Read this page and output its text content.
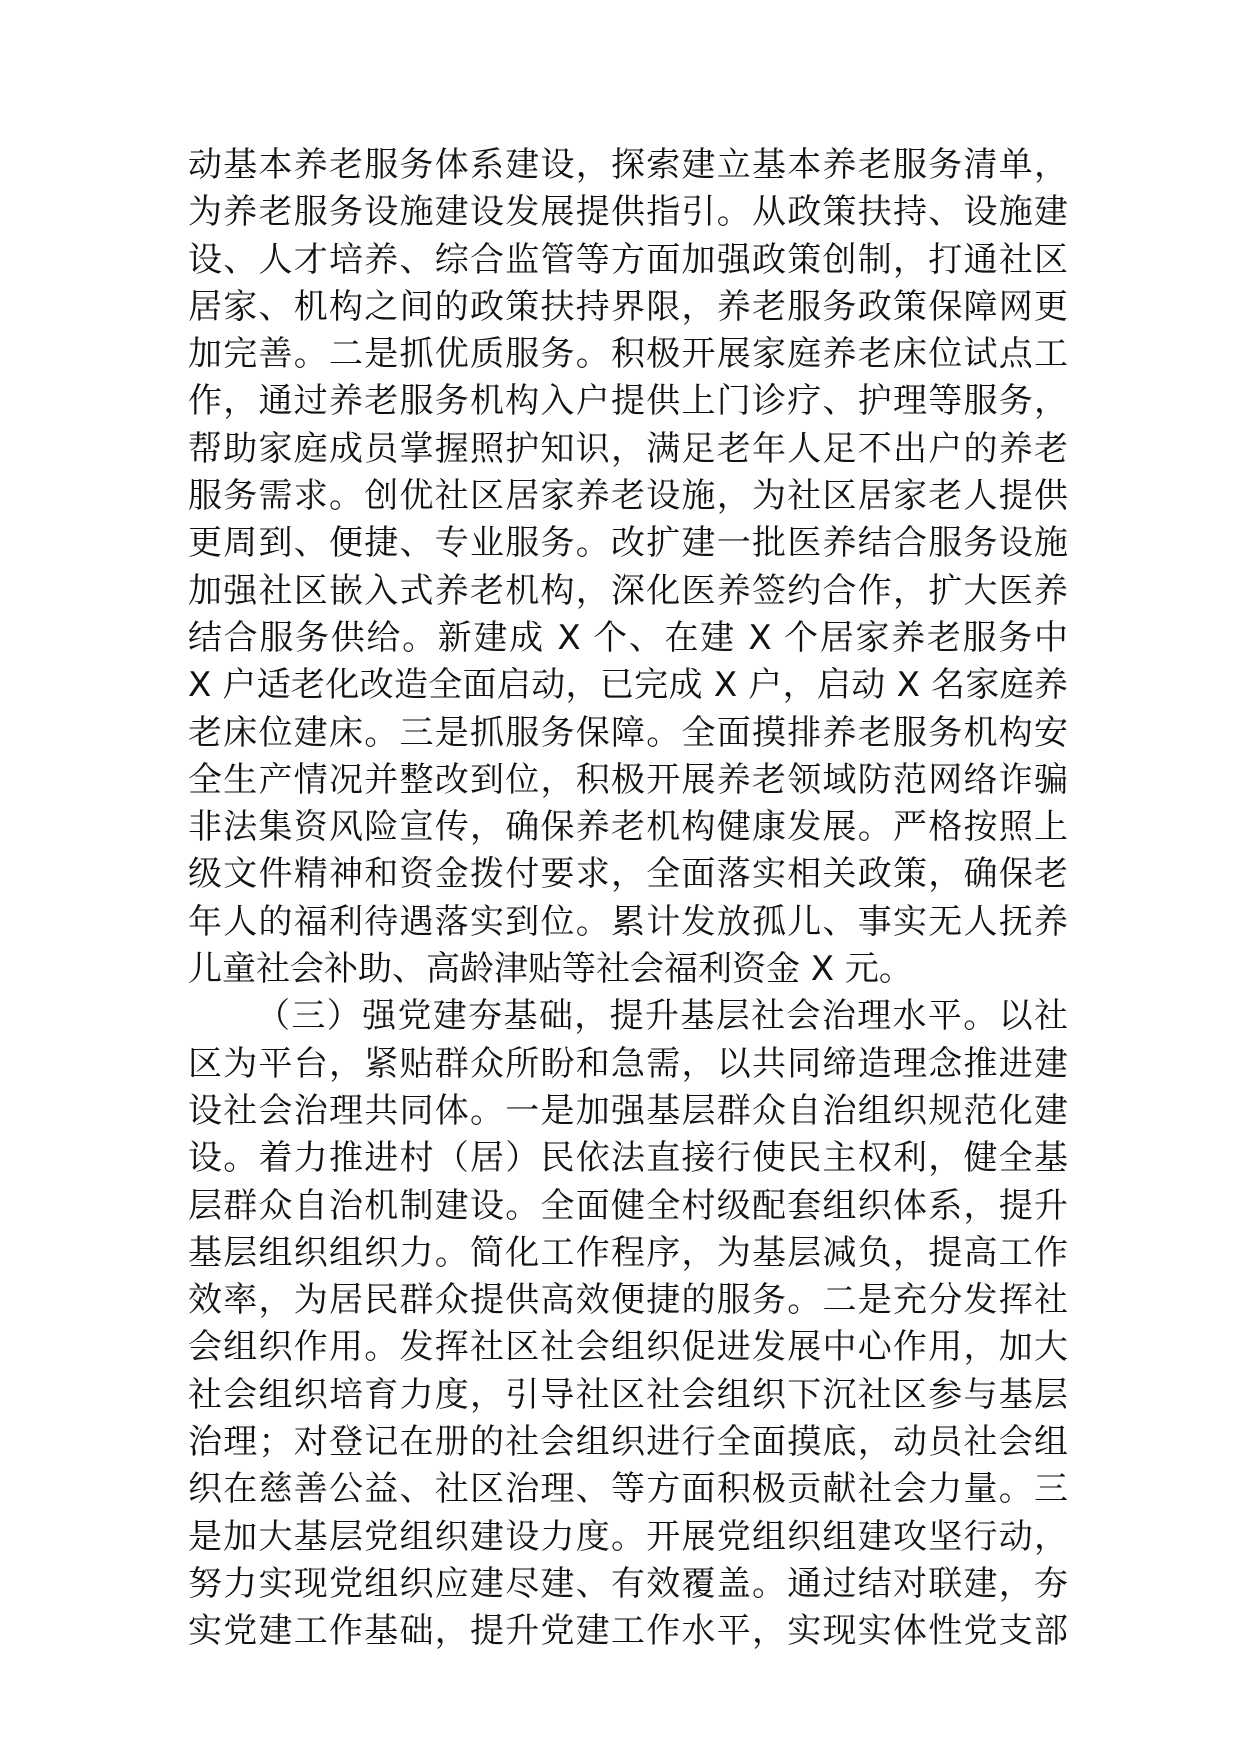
动基本养老服务体系建设，探索建立基本养老服务清单，
为养老服务设施建设发展提供指引。从政策扶持、设施建
设、人才培养、综合监管等方面加强政策创制，打通社区
居家、机构之间的政策扶持界限，养老服务政策保障网更
加完善。二是抓优质服务。积极开展家庭养老床位试点工
作，通过养老服务机构入户提供上门诊疗、护理等服务，
帮助家庭成员掌握照护知识，满足老年人足不出户的养老
服务需求。创优社区居家养老设施，为社区居家老人提供
更周到、便捷、专业服务。改扩建一批医养结合服务设施
加强社区嵌入式养老机构，深化医养签约合作，扩大医养
结合服务供给。新建成 X 个、在建 X 个居家养老服务中
X 户适老化改造全面启动，已完成 X 户，启动 X 名家庭养
老床位建床。三是抓服务保障。全面摸排养老服务机构安
全生产情况并整改到位，积极开展养老领域防范网络诈骗
非法集资风险宣传，确保养老机构健康发展。严格按照上
级文件精神和资金拨付要求，全面落实相关政策，确保老
年人的福利待遇落实到位。累计发放孤儿、事实无人抚养
儿童社会补助、高龄津贴等社会福利资金 X 元。
（三）强党建夯基础，提升基层社会治理水平。以社
区为平台，紧贴群众所盼和急需，以共同缔造理念推进建
设社会治理共同体。一是加强基层群众自治组织规范化建
设。着力推进村（居）民依法直接行使民主权利，健全基
层群众自治机制建设。全面健全村级配套组织体系，提升
基层组织组织力。简化工作程序，为基层减负，提高工作
效率，为居民群众提供高效便捷的服务。二是充分发挥社
会组织作用。发挥社区社会组织促进发展中心作用，加大
社会组织培育力度，引导社区社会组织下沉社区参与基层
治理；对登记在册的社会组织进行全面摸底，动员社会组
织在慈善公益、社区治理、等方面积极贡献社会力量。三
是加大基层党组织建设力度。开展党组织组建攻坚行动，
努力实现党组织应建尽建、有效覆盖。通过结对联建，夯
实党建工作基础，提升党建工作水平，实现实体性党支部
